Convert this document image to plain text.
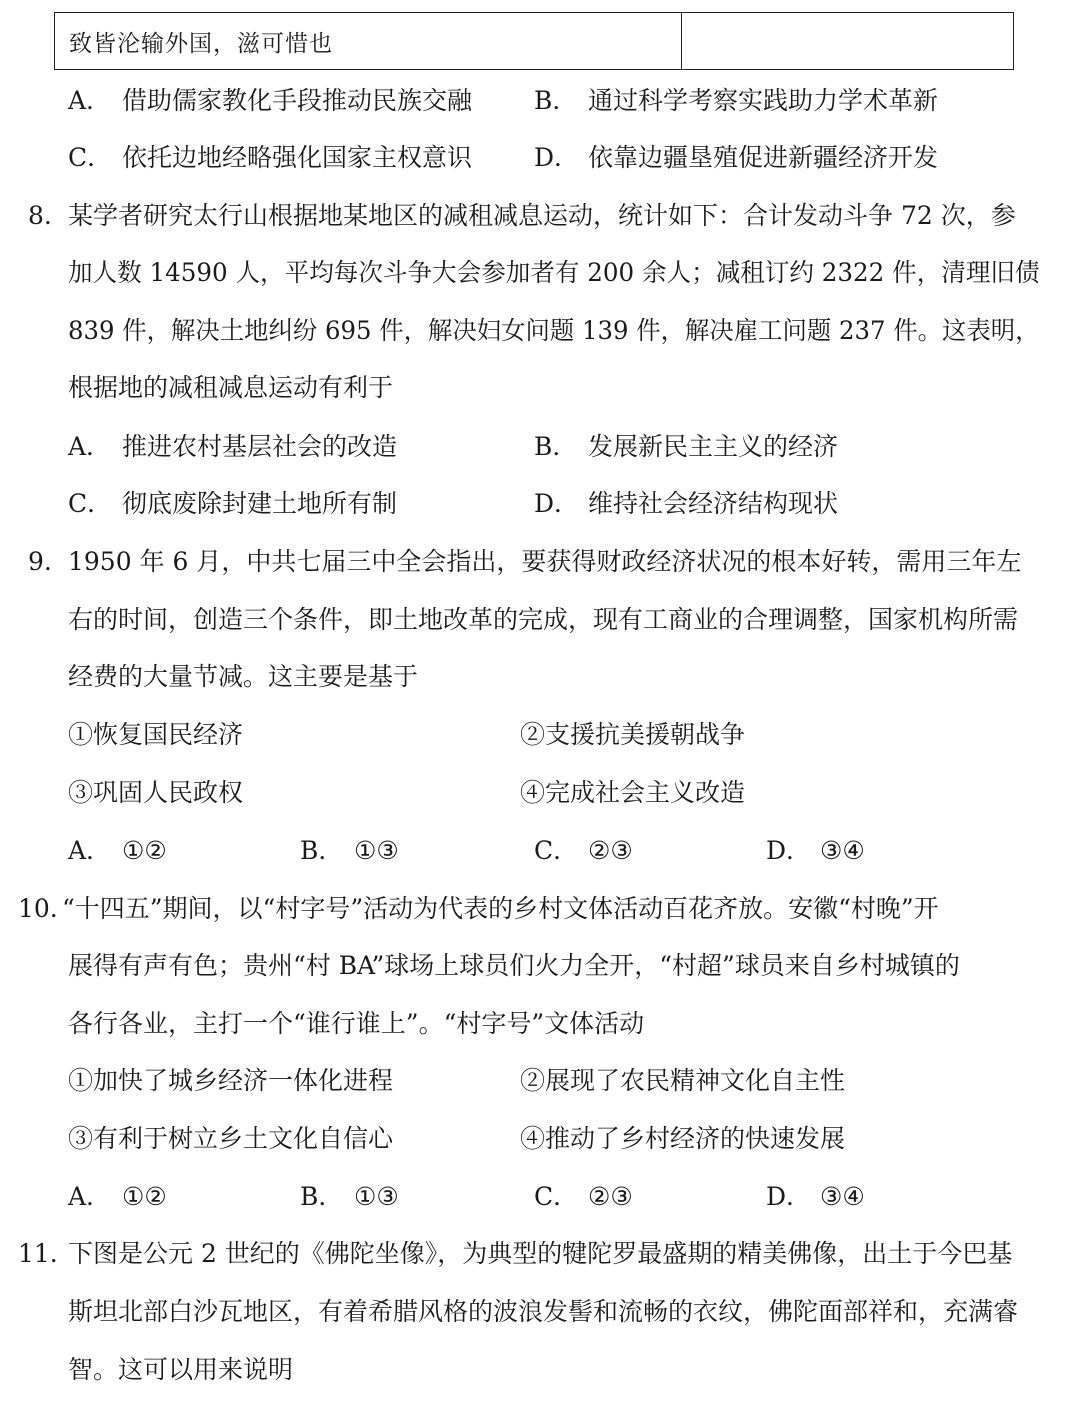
致皆沦输外国，滋可惜也
A． 借助儒家教化手段推动民族交融 B． 通过科学考察实践助力学术革新
C． 依托边地经略强化国家主权意识 D． 依靠边疆垦殖促进新疆经济开发
8. 某学者研究太行山根据地某地区的减租减息运动，统计如下：合计发动斗争 72 次，参
加人数 14590 人，平均每次斗争大会参加者有 200 余人；减租订约 2322 件，清理旧债
839 件，解决土地纠纷 695 件，解决妇女问题 139 件，解决雇工问题 237 件。这表明，
根据地的减租减息运动有利于
A． 推进农村基层社会的改造	B． 发展新民主主义的经济
C． 彻底废除封建土地所有制	D． 维持社会经济结构现状
9. 1950 年 6 月，中共七届三中全会指出，要获得财政经济状况的根本好转，需用三年左
右的时间，创造三个条件，即土地改革的完成，现有工商业的合理调整，国家机构所需
经费的大量节减。这主要是基于
①恢复国民经济	②支援抗美援朝战争
③巩固人民政权	④完成社会主义改造
A． ①②	B． ①③	C． ②③	D． ③④
10. “十四五”期间，以“村字号”活动为代表的乡村文体活动百花齐放。安徽“村晚”开
展得有声有色；贵州“村 BA”球场上球员们火力全开，“村超”球员来自乡村城镇的
各行各业，主打一个“谁行谁上”。“村字号”文体活动
①加快了城乡经济一体化进程	②展现了农民精神文化自主性
③有利于树立乡土文化自信心	④推动了乡村经济的快速发展
A． ①②	B． ①③	C． ②③	D． ③④
11. 下图是公元 2 世纪的《佛陀坐像》，为典型的犍陀罗最盛期的精美佛像，出土于今巴基
斯坦北部白沙瓦地区，有着希腊风格的波浪发髻和流畅的衣纹，佛陀面部祥和，充满睿
智。这可以用来说明
